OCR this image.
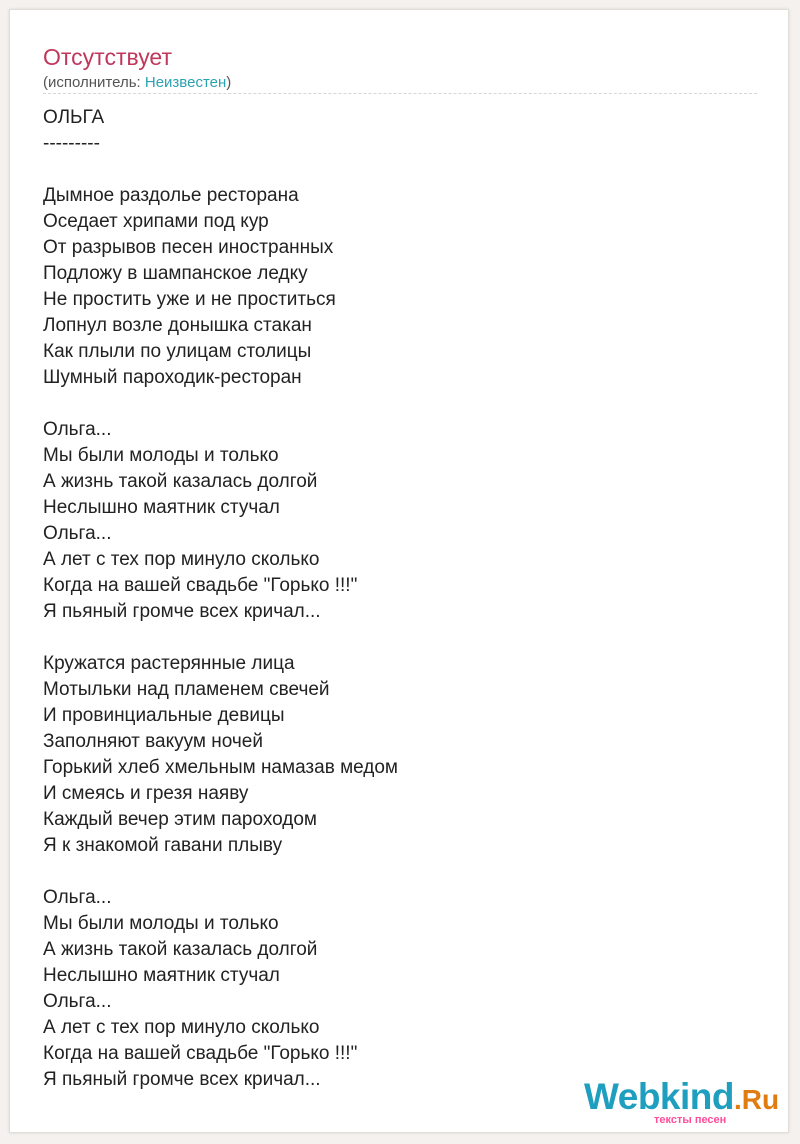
Отсутствует
(исполнитель: Неизвестен)
ОЛЬГА
---------
Дымное раздолье ресторана
Оседает хрипами под кур
От разрывов песен иностранных
Подложу в шампанское ледку
Не простить уже и не проститься
Лопнул возле донышка стакан
Как плыли по улицам столицы
Шумный пароходик-ресторан
Ольга...
Мы были молоды и только
А жизнь такой казалась долгой
Неслышно маятник стучал
Ольга...
А лет с тех пор минуло сколько
Когда на вашей свадьбе "Горько !!!"
Я пьяный громче всех кричал...
Кружатся растерянные лица
Мотыльки над пламенем свечей
И провинциальные девицы
Заполняют вакуум ночей
Горький хлеб хмельным намазав медом
И смеясь и грезя наяву
Каждый вечер этим пароходом
Я к знакомой гавани плыву
Ольга...
Мы были молоды и только
А жизнь такой казалась долгой
Неслышно маятник стучал
Ольга...
А лет с тех пор минуло сколько
Когда на вашей свадьбе "Горько !!!"
Я пьяный громче всех кричал...	Webkind.Ru
тексты песен
